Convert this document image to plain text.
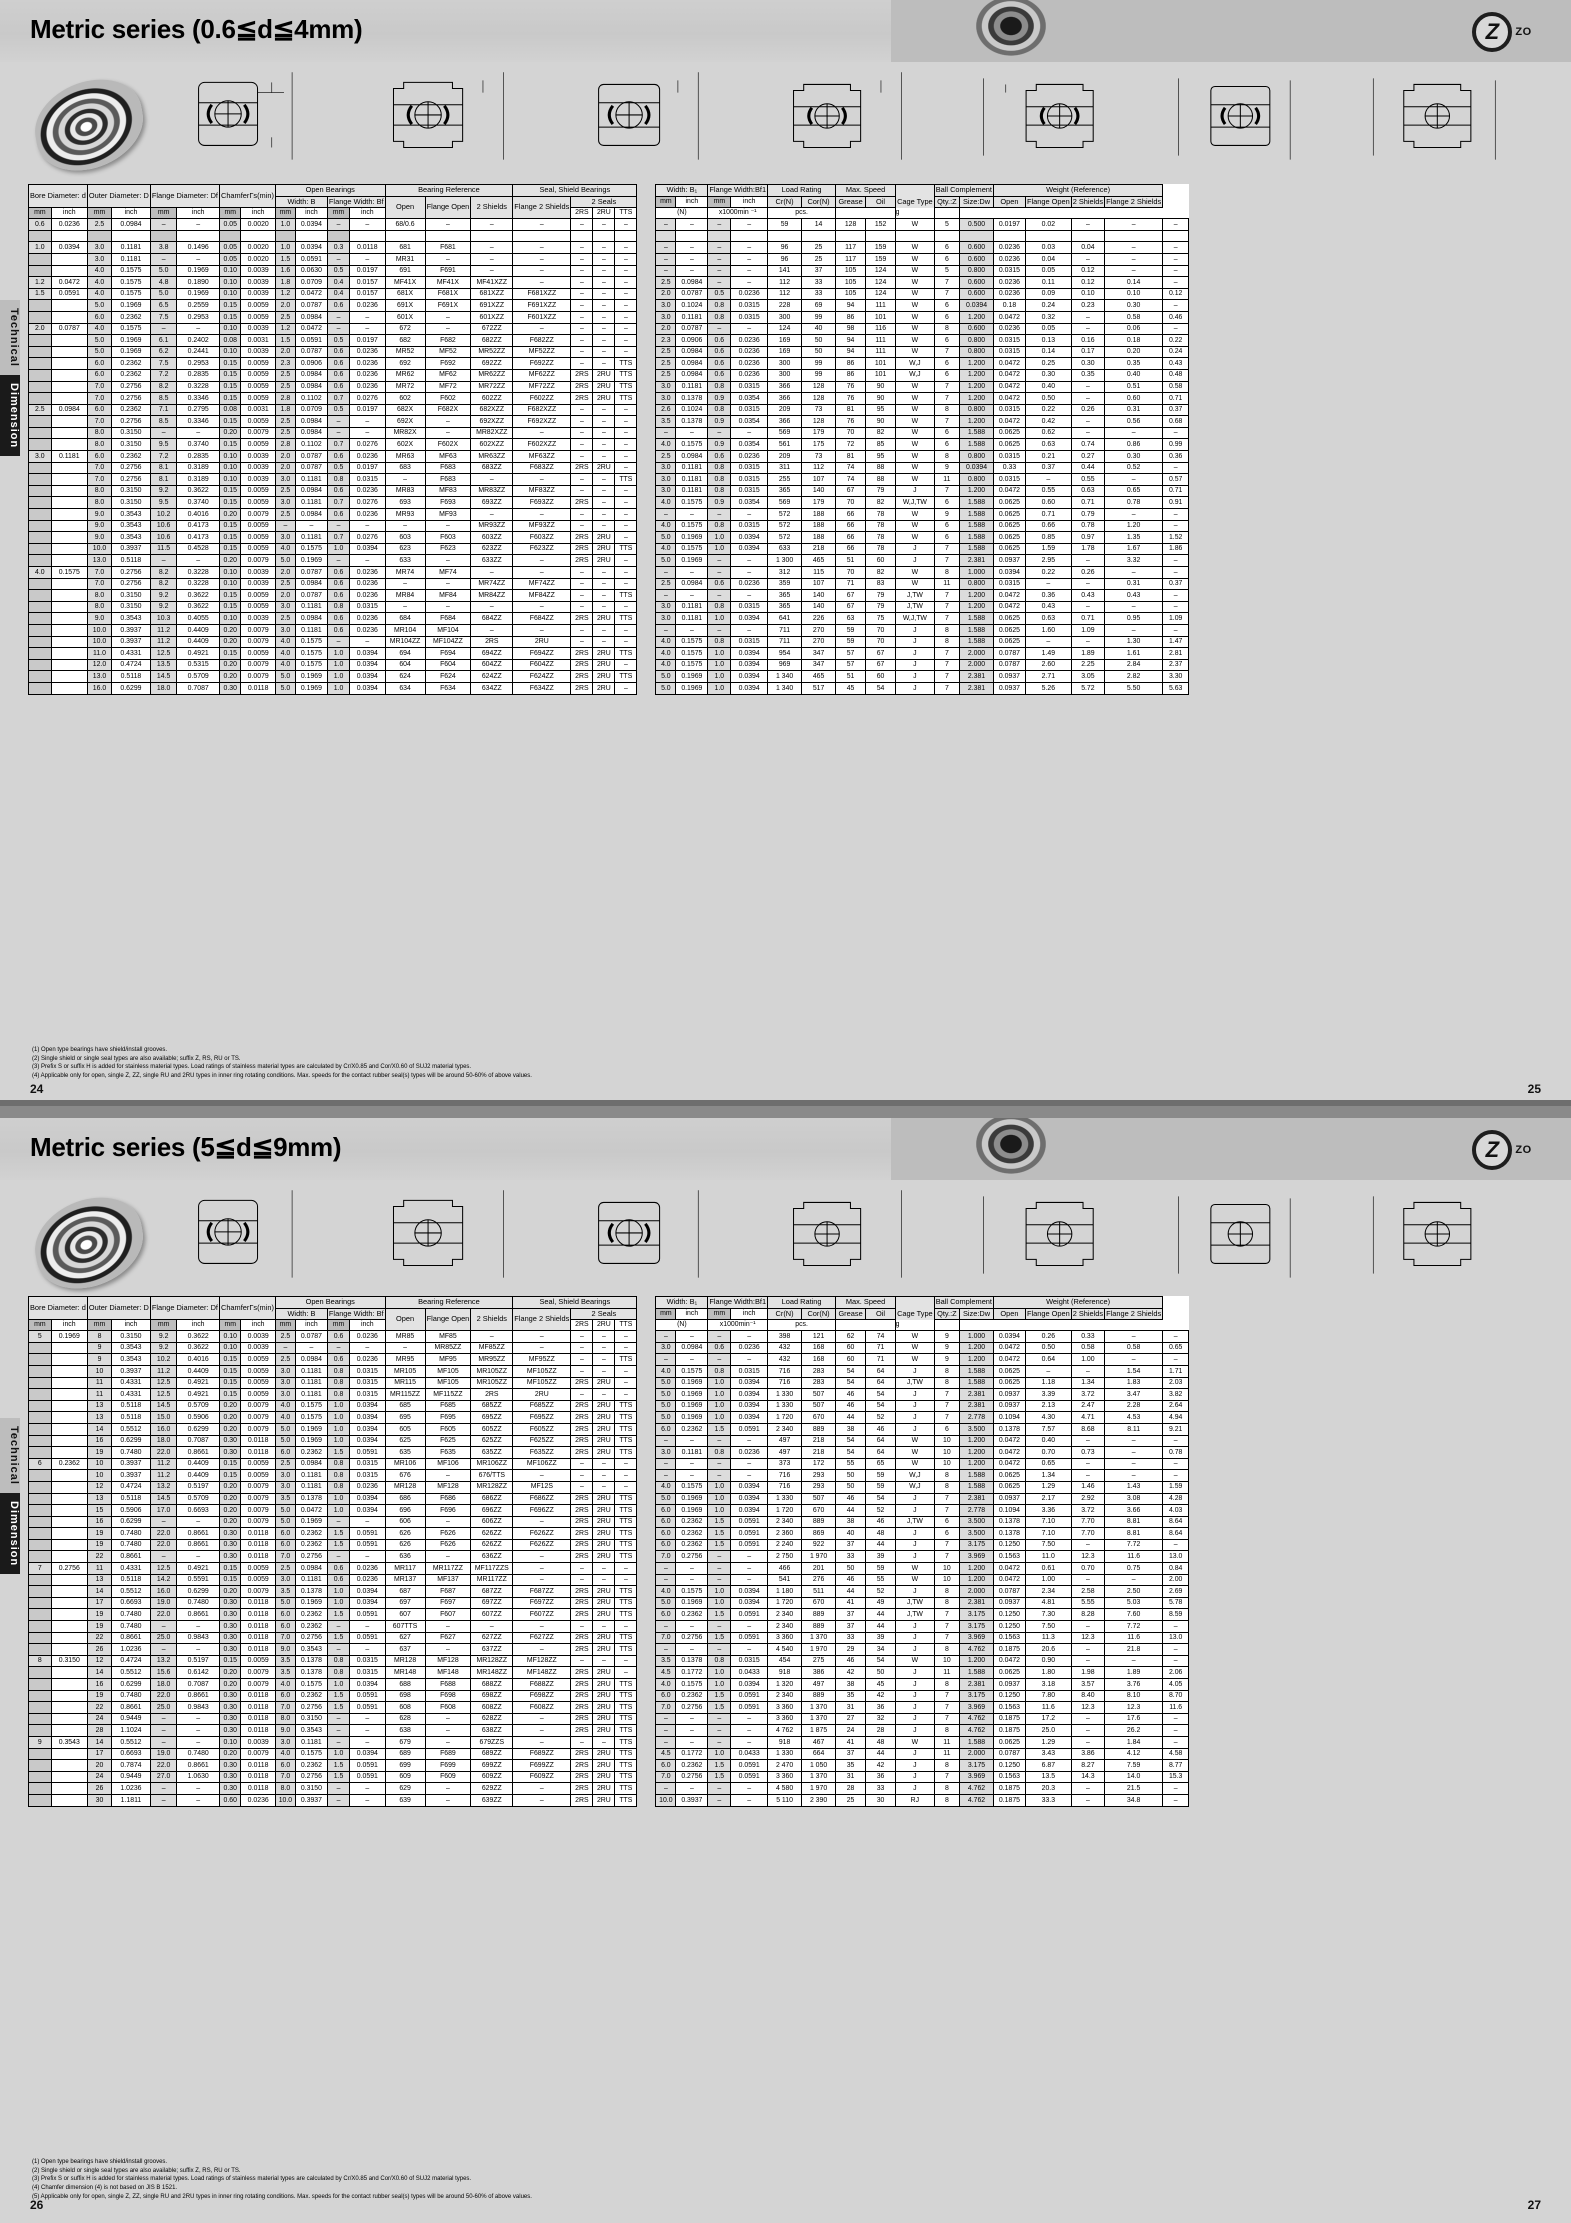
Z	ZO
Metric series (0.6≦d≦4mm)
Technical
Dimension
Bore Diameter: d		Outer Diameter: D		Flange Diameter: Df		ChamferΓs(min)		Open Bearings				Bearing Reference			Seal, Shield Bearings			
								Width: B		Flange Width: Bf		Open	Flange Open	2 Shields	Flange 2 Shields	2 Seals		
mm	inch	mm	inch	mm	inch	mm	inch	mm	inch	mm	inch					2RS	2RU	TTS
0.6	0.0236	2.5	0.0984	–	–	0.05	0.0020	1.0	0.0394	–	–	68/0.6	–	–	–	–	–	–

1.0	0.0394	3.0	0.1181	3.8	0.1496	0.05	0.0020	1.0	0.0394	0.3	0.0118	681	F681	–	–	–	–	–
		3.0	0.1181	–	–	0.05	0.0020	1.5	0.0591	–	–	MR31	–	–	–	–	–	–
		4.0	0.1575	5.0	0.1969	0.10	0.0039	1.6	0.0630	0.5	0.0197	691	F691	–	–	–	–	–
1.2	0.0472	4.0	0.1575	4.8	0.1890	0.10	0.0039	1.8	0.0709	0.4	0.0157	MF41X	MF41X	MF41XZZ	–	–	–	–
1.5	0.0591	4.0	0.1575	5.0	0.1969	0.10	0.0039	1.2	0.0472	0.4	0.0157	681X	F681X	681XZZ	F681XZZ	–	–	–
		5.0	0.1969	6.5	0.2559	0.15	0.0059	2.0	0.0787	0.6	0.0236	691X	F691X	691XZZ	F691XZZ	–	–	–
		6.0	0.2362	7.5	0.2953	0.15	0.0059	2.5	0.0984	–	–	601X	–	601XZZ	F601XZZ	–	–	–
2.0	0.0787	4.0	0.1575	–	–	0.10	0.0039	1.2	0.0472	–	–	672	–	672ZZ	–	–	–	–
		5.0	0.1969	6.1	0.2402	0.08	0.0031	1.5	0.0591	0.5	0.0197	682	F682	682ZZ	F682ZZ	–	–	–
		5.0	0.1969	6.2	0.2441	0.10	0.0039	2.0	0.0787	0.6	0.0236	MR52	MF52	MR52ZZ	MF52ZZ	–	–	–
		6.0	0.2362	7.5	0.2953	0.15	0.0059	2.3	0.0906	0.6	0.0236	692	F692	692ZZ	F692ZZ	–	–	TTS
		6.0	0.2362	7.2	0.2835	0.15	0.0059	2.5	0.0984	0.6	0.0236	MR62	MF62	MR62ZZ	MF62ZZ	2RS	2RU	TTS
		7.0	0.2756	8.2	0.3228	0.15	0.0059	2.5	0.0984	0.6	0.0236	MR72	MF72	MR72ZZ	MF72ZZ	2RS	2RU	TTS
		7.0	0.2756	8.5	0.3346	0.15	0.0059	2.8	0.1102	0.7	0.0276	602	F602	602ZZ	F602ZZ	2RS	2RU	TTS
2.5	0.0984	6.0	0.2362	7.1	0.2795	0.08	0.0031	1.8	0.0709	0.5	0.0197	682X	F682X	682XZZ	F682XZZ	–	–	–
		7.0	0.2756	8.5	0.3346	0.15	0.0059	2.5	0.0984	–	–	692X	–	692XZZ	F692XZZ	–	–	–
		8.0	0.3150	–	–	0.20	0.0079	2.5	0.0984	–	–	MR82X	–	MR82XZZ	–	–	–	–
		8.0	0.3150	9.5	0.3740	0.15	0.0059	2.8	0.1102	0.7	0.0276	602X	F602X	602XZZ	F602XZZ	–	–	–
3.0	0.1181	6.0	0.2362	7.2	0.2835	0.10	0.0039	2.0	0.0787	0.6	0.0236	MR63	MF63	MR63ZZ	MF63ZZ	–	–	–
		7.0	0.2756	8.1	0.3189	0.10	0.0039	2.0	0.0787	0.5	0.0197	683	F683	683ZZ	F683ZZ	2RS	2RU	–
		7.0	0.2756	8.1	0.3189	0.10	0.0039	3.0	0.1181	0.8	0.0315	–	F683	–	–	–	–	TTS
		8.0	0.3150	9.2	0.3622	0.15	0.0059	2.5	0.0984	0.6	0.0236	MR83	MF83	MR83ZZ	MF83ZZ	–	–	–
		8.0	0.3150	9.5	0.3740	0.15	0.0059	3.0	0.1181	0.7	0.0276	693	F693	693ZZ	F693ZZ	2RS	–	–
		9.0	0.3543	10.2	0.4016	0.20	0.0079	2.5	0.0984	0.6	0.0236	MR93	MF93	–	–	–	–	–
		9.0	0.3543	10.6	0.4173	0.15	0.0059	–	–	–	–	–	–	MR93ZZ	MF93ZZ	–	–	–
		9.0	0.3543	10.6	0.4173	0.15	0.0059	3.0	0.1181	0.7	0.0276	603	F603	603ZZ	F603ZZ	2RS	2RU	–
		10.0	0.3937	11.5	0.4528	0.15	0.0059	4.0	0.1575	1.0	0.0394	623	F623	623ZZ	F623ZZ	2RS	2RU	TTS
		13.0	0.5118	–	–	0.20	0.0079	5.0	0.1969	–	–	633	–	633ZZ	–	2RS	2RU	–
4.0	0.1575	7.0	0.2756	8.2	0.3228	0.10	0.0039	2.0	0.0787	0.6	0.0236	MR74	MF74	–	–	–	–	–
		7.0	0.2756	8.2	0.3228	0.10	0.0039	2.5	0.0984	0.6	0.0236	–	–	MR74ZZ	MF74ZZ	–	–	–
		8.0	0.3150	9.2	0.3622	0.15	0.0059	2.0	0.0787	0.6	0.0236	MR84	MF84	MR84ZZ	MF84ZZ	–	–	TTS
		8.0	0.3150	9.2	0.3622	0.15	0.0059	3.0	0.1181	0.8	0.0315	–	–	–	–	–	–	–
		9.0	0.3543	10.3	0.4055	0.10	0.0039	2.5	0.0984	0.6	0.0236	684	F684	684ZZ	F684ZZ	2RS	2RU	TTS
		10.0	0.3937	11.2	0.4409	0.20	0.0079	3.0	0.1181	0.6	0.0236	MR104	MF104	–	–	–	–	–
		10.0	0.3937	11.2	0.4409	0.20	0.0079	4.0	0.1575	–	–	MR104ZZ	MF104ZZ	2RS	2RU	–	–	–
		11.0	0.4331	12.5	0.4921	0.15	0.0059	4.0	0.1575	1.0	0.0394	694	F694	694ZZ	F694ZZ	2RS	2RU	TTS
		12.0	0.4724	13.5	0.5315	0.20	0.0079	4.0	0.1575	1.0	0.0394	604	F604	604ZZ	F604ZZ	2RS	2RU	–
		13.0	0.5118	14.5	0.5709	0.20	0.0079	5.0	0.1969	1.0	0.0394	624	F624	624ZZ	F624ZZ	2RS	2RU	TTS
		16.0	0.6299	18.0	0.7087	0.30	0.0118	5.0	0.1969	1.0	0.0394	634	F634	634ZZ	F634ZZ	2RS	2RU	–
Width: B₁		Flange Width:Bf1		Load Rating		Max. Speed		Cage Type	Ball Complement		Weight (Reference)				
mm	inch	mm	inch	Cr(N)	Cor(N)	Grease	Oil		Qty.:Z	Size:Dw	Open	Flange Open	2 Shields	Flange 2 Shields	
(N)		x1000min ⁻¹		pcs.		g									
–	–	–	–	59	14	128	152	W	5	0.500	0.0197	0.02	–	–	–

–	–	–	–	96	25	117	159	W	6	0.600	0.0236	0.03	0.04	–	–
–	–	–	–	96	25	117	159	W	6	0.600	0.0236	0.04	–	–	–
–	–	–	–	141	37	105	124	W	5	0.800	0.0315	0.05	0.12	–	–
2.5	0.0984	–	–	112	33	105	124	W	7	0.600	0.0236	0.11	0.12	0.14	–
2.0	0.0787	0.5	0.0236	112	33	105	124	W	7	0.600	0.0236	0.09	0.10	0.10	0.12
3.0	0.1024	0.8	0.0315	228	69	94	111	W	6	0.0394	0.18	0.24	0.23	0.30	–
3.0	0.1181	0.8	0.0315	300	99	86	101	W	6	1.200	0.0472	0.32	–	0.58	0.46
2.0	0.0787	–	–	124	40	98	116	W	8	0.600	0.0236	0.05	–	0.06	–
2.3	0.0906	0.6	0.0236	169	50	94	111	W	6	0.800	0.0315	0.13	0.16	0.18	0.22
2.5	0.0984	0.6	0.0236	169	50	94	111	W	7	0.800	0.0315	0.14	0.17	0.20	0.24
2.5	0.0984	0.6	0.0236	300	99	86	101	W,J	6	1.200	0.0472	0.25	0.30	0.35	0.43
2.5	0.0984	0.6	0.0236	300	99	86	101	W,J	6	1.200	0.0472	0.30	0.35	0.40	0.48
3.0	0.1181	0.8	0.0315	366	128	76	90	W	7	1.200	0.0472	0.40	–	0.51	0.58
3.0	0.1378	0.9	0.0354	366	128	76	90	W	7	1.200	0.0472	0.50	–	0.60	0.71
2.6	0.1024	0.8	0.0315	209	73	81	95	W	8	0.800	0.0315	0.22	0.26	0.31	0.37
3.5	0.1378	0.9	0.0354	366	128	76	90	W	7	1.200	0.0472	0.42	–	0.56	0.68
–	–	–	–	569	179	70	82	W	6	1.588	0.0625	0.62	–	–	–
4.0	0.1575	0.9	0.0354	561	175	72	85	W	6	1.588	0.0625	0.63	0.74	0.86	0.99
2.5	0.0984	0.6	0.0236	209	73	81	95	W	8	0.800	0.0315	0.21	0.27	0.30	0.36
3.0	0.1181	0.8	0.0315	311	112	74	88	W	9	0.0394	0.33	0.37	0.44	0.52	–
3.0	0.1181	0.8	0.0315	255	107	74	88	W	11	0.800	0.0315	–	0.55	–	0.57
3.0	0.1181	0.8	0.0315	365	140	67	79	J	7	1.200	0.0472	0.55	0.63	0.65	0.71
4.0	0.1575	0.9	0.0354	569	179	70	82	W,J,TW	6	1.588	0.0625	0.60	0.71	0.78	0.91
–	–	–	–	572	188	66	78	W	9	1.588	0.0625	0.71	0.79	–	–
4.0	0.1575	0.8	0.0315	572	188	66	78	W	6	1.588	0.0625	0.66	0.78	1.20	–
5.0	0.1969	1.0	0.0394	572	188	66	78	W	6	1.588	0.0625	0.85	0.97	1.35	1.52
4.0	0.1575	1.0	0.0394	633	218	66	78	J	7	1.588	0.0625	1.59	1.78	1.67	1.86
5.0	0.1969	–	–	1 300	465	51	60	J	7	2.381	0.0937	2.95	–	3.32	–
–	–	–	–	312	115	70	82	W	8	1.000	0.0394	0.22	0.26	–	–
2.5	0.0984	0.6	0.0236	359	107	71	83	W	11	0.800	0.0315	–	–	0.31	0.37
–	–	–	–	365	140	67	79	J,TW	7	1.200	0.0472	0.36	0.43	0.43	–
3.0	0.1181	0.8	0.0315	365	140	67	79	J,TW	7	1.200	0.0472	0.43	–	–	–
3.0	0.1181	1.0	0.0394	641	226	63	75	W,J,TW	7	1.588	0.0625	0.63	0.71	0.95	1.09
–	–	–	–	711	270	59	70	J	8	1.588	0.0625	1.60	1.09	–	–
4.0	0.1575	0.8	0.0315	711	270	59	70	J	8	1.588	0.0625	–	–	1.30	1.47
4.0	0.1575	1.0	0.0394	954	347	57	67	J	7	2.000	0.0787	1.49	1.89	1.61	2.81
4.0	0.1575	1.0	0.0394	969	347	57	67	J	7	2.000	0.0787	2.60	2.25	2.84	2.37
5.0	0.1969	1.0	0.0394	1 340	465	51	60	J	7	2.381	0.0937	2.71	3.05	2.82	3.30
5.0	0.1969	1.0	0.0394	1 340	517	45	54	J	7	2.381	0.0937	5.26	5.72	5.50	5.63
(1) Open type bearings have shield/install grooves.
(2) Single shield or single seal types are also available; suffix Z, RS, RU or TS.
(3) Prefix S or suffix H is added for stainless material types. Load ratings of stainless material types are calculated by Cr/X0.85 and Cor/X0.60 of SUJ2 material types.
(4) Applicable only for open, single Z, ZZ, single RU and 2RU types in inner ring rotating conditions. Max. speeds for the contact rubber seal(s) types will be around 50-60% of above values.
24	25
Z	ZO
Metric series (5≦d≦9mm)
Technical
Dimension
Bore Diameter: d		Outer Diameter: D		Flange Diameter: Df		ChamferΓs(min)		Open Bearings				Bearing Reference			Seal, Shield Bearings			
								Width: B		Flange Width: Bf		Open	Flange Open	2 Shields	Flange 2 Shields	2 Seals		
mm	inch	mm	inch	mm	inch	mm	inch	mm	inch	mm	inch					2RS	2RU	TTS
5	0.1969	8	0.3150	9.2	0.3622	0.10	0.0039	2.5	0.0787	0.6	0.0236	MR85	MF85	–	–	–	–	–
		9	0.3543	9.2	0.3622	0.10	0.0039	–	–	–	–	–	MR85ZZ	MF85ZZ	–	–	–	–
		9	0.3543	10.2	0.4016	0.15	0.0059	2.5	0.0984	0.6	0.0236	MR95	MF95	MR95ZZ	MF95ZZ	–	–	TTS
		10	0.3937	11.2	0.4409	0.15	0.0059	3.0	0.1181	0.8	0.0315	MR105	MF105	MR105ZZ	MF105ZZ	–	–	–
		11	0.4331	12.5	0.4921	0.15	0.0059	3.0	0.1181	0.8	0.0315	MR115	MF105	MR105ZZ	MF105ZZ	2RS	2RU	–
		11	0.4331	12.5	0.4921	0.15	0.0059	3.0	0.1181	0.8	0.0315	MR115ZZ	MF115ZZ	2RS	2RU	–	–	–
		13	0.5118	14.5	0.5709	0.20	0.0079	4.0	0.1575	1.0	0.0394	685	F685	685ZZ	F685ZZ	2RS	2RU	TTS
		13	0.5118	15.0	0.5906	0.20	0.0079	4.0	0.1575	1.0	0.0394	695	F695	695ZZ	F695ZZ	2RS	2RU	TTS
		14	0.5512	16.0	0.6299	0.20	0.0079	5.0	0.1969	1.0	0.0394	605	F605	605ZZ	F605ZZ	2RS	2RU	TTS
		16	0.6299	18.0	0.7087	0.30	0.0118	5.0	0.1969	1.0	0.0394	625	F625	625ZZ	F625ZZ	2RS	2RU	TTS
		19	0.7480	22.0	0.8661	0.30	0.0118	6.0	0.2362	1.5	0.0591	635	F635	635ZZ	F635ZZ	2RS	2RU	TTS
6	0.2362	10	0.3937	11.2	0.4409	0.15	0.0059	2.5	0.0984	0.8	0.0315	MR106	MF106	MR106ZZ	MF106ZZ	–	–	–
		10	0.3937	11.2	0.4409	0.15	0.0059	3.0	0.1181	0.8	0.0315	676	–	676/TTS	–	–	–	–
		12	0.4724	13.2	0.5197	0.20	0.0079	3.0	0.1181	0.8	0.0236	MR128	MF128	MR128ZZ	MF12S	–	–	–
		13	0.5118	14.5	0.5709	0.20	0.0079	3.5	0.1378	1.0	0.0394	686	F686	686ZZ	F686ZZ	2RS	2RU	TTS
		15	0.5906	17.0	0.6693	0.20	0.0079	5.0	0.0472	1.0	0.0394	696	F696	696ZZ	F696ZZ	2RS	2RU	TTS
		16	0.6299	–	–	0.20	0.0079	5.0	0.1969	–	–	606	–	606ZZ	–	2RS	2RU	TTS
		19	0.7480	22.0	0.8661	0.30	0.0118	6.0	0.2362	1.5	0.0591	626	F626	626ZZ	F626ZZ	2RS	2RU	TTS
		19	0.7480	22.0	0.8661	0.30	0.0118	6.0	0.2362	1.5	0.0591	626	F626	626ZZ	F626ZZ	2RS	2RU	TTS
		22	0.8661	–	–	0.30	0.0118	7.0	0.2756	–	–	636	–	636ZZ	–	2RS	2RU	TTS
7	0.2756	11	0.4331	12.5	0.4921	0.15	0.0059	2.5	0.0984	0.6	0.0236	MR117	MR117ZZ	MF117ZZS	–	–	–	–
		13	0.5118	14.2	0.5591	0.15	0.0059	3.0	0.1181	0.6	0.0236	MR137	MF137	MR117ZZ	–	–	–	–
		14	0.5512	16.0	0.6299	0.20	0.0079	3.5	0.1378	1.0	0.0394	687	F687	687ZZ	F687ZZ	2RS	2RU	TTS
		17	0.6693	19.0	0.7480	0.30	0.0118	5.0	0.1969	1.0	0.0394	697	F697	697ZZ	F697ZZ	2RS	2RU	TTS
		19	0.7480	22.0	0.8661	0.30	0.0118	6.0	0.2362	1.5	0.0591	607	F607	607ZZ	F607ZZ	2RS	2RU	TTS
		19	0.7480	–	–	0.30	0.0118	6.0	0.2362	–	–	607TTS	–	–	–	–	–	–
		22	0.8661	25.0	0.9843	0.30	0.0118	7.0	0.2756	1.5	0.0591	627	F627	627ZZ	F627ZZ	2RS	2RU	TTS
		26	1.0236	–	–	0.30	0.0118	9.0	0.3543	–	–	637	–	637ZZ	–	2RS	2RU	TTS
8	0.3150	12	0.4724	13.2	0.5197	0.15	0.0059	3.5	0.1378	0.8	0.0315	MR128	MF128	MR128ZZ	MF128ZZ	–	–	–
		14	0.5512	15.6	0.6142	0.20	0.0079	3.5	0.1378	0.8	0.0315	MR148	MF148	MR148ZZ	MF148ZZ	2RS	2RU	–
		16	0.6299	18.0	0.7087	0.20	0.0079	4.0	0.1575	1.0	0.0394	688	F688	688ZZ	F688ZZ	2RS	2RU	TTS
		19	0.7480	22.0	0.8661	0.30	0.0118	6.0	0.2362	1.5	0.0591	698	F698	698ZZ	F698ZZ	2RS	2RU	TTS
		22	0.8661	25.0	0.9843	0.30	0.0118	7.0	0.2756	1.5	0.0591	608	F608	608ZZ	F608ZZ	2RS	2RU	TTS
		24	0.9449	–	–	0.30	0.0118	8.0	0.3150	–	–	628	–	628ZZ	–	2RS	2RU	TTS
		28	1.1024	–	–	0.30	0.0118	9.0	0.3543	–	–	638	–	638ZZ	–	2RS	2RU	TTS
9	0.3543	14	0.5512	–	–	0.10	0.0039	3.0	0.1181	–	–	679	–	679ZZS	–	–	–	TTS
		17	0.6693	19.0	0.7480	0.20	0.0079	4.0	0.1575	1.0	0.0394	689	F689	689ZZ	F689ZZ	2RS	2RU	TTS
		20	0.7874	22.0	0.8661	0.30	0.0118	6.0	0.2362	1.5	0.0591	699	F699	699ZZ	F699ZZ	2RS	2RU	TTS
		24	0.9449	27.0	1.0630	0.30	0.0118	7.0	0.2756	1.5	0.0591	609	F609	609ZZ	F609ZZ	2RS	2RU	TTS
		26	1.0236	–	–	0.30	0.0118	8.0	0.3150	–	–	629	–	629ZZ	–	2RS	2RU	TTS
		30	1.1811	–	–	0.60	0.0236	10.0	0.3937	–	–	639	–	639ZZ	–	2RS	2RU	TTS
Width: B₁		Flange Width:Bf1		Load Rating		Max. Speed		Cage Type	Ball Complement		Weight (Reference)				
mm	inch	mm	inch	Cr(N)	Cor(N)	Grease	Oil		Qty.:Z	Size:Dw	Open	Flange Open	2 Shields	Flange 2 Shields	
(N)		x1000min⁻¹		pcs.		g									
–	–	–	–	398	121	62	74	W	9	1.000	0.0394	0.26	0.33	–	–
3.0	0.0984	0.6	0.0236	432	168	60	71	W	9	1.200	0.0472	0.50	0.58	0.58	0.65
–	–	–	–	432	168	60	71	W	9	1.200	0.0472	0.64	1.00	–	–
4.0	0.1575	0.8	0.0315	716	283	54	64	J	8	1.588	0.0625	–	–	1.54	1.71
5.0	0.1969	1.0	0.0394	716	283	54	64	J,TW	8	1.588	0.0625	1.18	1.34	1.83	2.03
5.0	0.1969	1.0	0.0394	1 330	507	46	54	J	7	2.381	0.0937	3.39	3.72	3.47	3.82
5.0	0.1969	1.0	0.0394	1 330	507	46	54	J	7	2.381	0.0937	2.13	2.47	2.28	2.64
5.0	0.1969	1.0	0.0394	1 720	670	44	52	J	7	2.778	0.1094	4.30	4.71	4.53	4.94
6.0	0.2362	1.5	0.0591	2 340	889	38	46	J	6	3.500	0.1378	7.57	8.68	8.11	9.21
–	–	–	–	497	218	54	64	W	10	1.200	0.0472	0.40	–	–	–
3.0	0.1181	0.8	0.0236	497	218	54	64	W	10	1.200	0.0472	0.70	0.73	–	0.78
–	–	–	–	373	172	55	65	W	10	1.200	0.0472	0.65	–	–	–
–	–	–	–	716	293	50	59	W,J	8	1.588	0.0625	1.34	–	–	–
4.0	0.1575	1.0	0.0394	716	293	50	59	W,J	8	1.588	0.0625	1.29	1.46	1.43	1.59
5.0	0.1969	1.0	0.0394	1 330	507	46	54	J	7	2.381	0.0937	2.17	2.92	3.08	4.28
6.0	0.1969	1.0	0.0394	1 720	670	44	52	J	7	2.778	0.1094	3.36	3.72	3.66	4.03
6.0	0.2362	1.5	0.0591	2 340	889	38	46	J,TW	6	3.500	0.1378	7.10	7.70	8.81	8.64
6.0	0.2362	1.5	0.0591	2 360	869	40	48	J	6	3.500	0.1378	7.10	7.70	8.81	8.64
6.0	0.2362	1.5	0.0591	2 240	922	37	44	J	7	3.175	0.1250	7.50	–	7.72	–
7.0	0.2756	–	–	2 750	1 970	33	39	J	7	3.969	0.1563	11.0	12.3	11.6	13.0
–	–	–	–	466	201	50	59	W	10	1.200	0.0472	0.61	0.70	0.75	0.84
–	–	–	–	541	276	46	55	W	10	1.200	0.0472	1.00	–	–	2.00
4.0	0.1575	1.0	0.0394	1 180	511	44	52	J	8	2.000	0.0787	2.34	2.58	2.50	2.69
5.0	0.1969	1.0	0.0394	1 720	670	41	49	J,TW	8	2.381	0.0937	4.81	5.55	5.03	5.78
6.0	0.2362	1.5	0.0591	2 340	889	37	44	J,TW	7	3.175	0.1250	7.30	8.28	7.60	8.59
–	–	–	–	2 340	889	37	44	J	7	3.175	0.1250	7.50	–	7.72	–
7.0	0.2756	1.5	0.0591	3 360	1 370	33	39	J	7	3.969	0.1563	11.3	12.3	11.6	13.0
–	–	–	–	4 540	1 970	29	34	J	8	4.762	0.1875	20.6	–	21.8	–
3.5	0.1378	0.8	0.0315	454	275	46	54	W	10	1.200	0.0472	0.90	–	–	–
4.5	0.1772	1.0	0.0433	918	386	42	50	J	11	1.588	0.0625	1.80	1.98	1.89	2.06
4.0	0.1575	1.0	0.0394	1 320	497	38	45	J	8	2.381	0.0937	3.18	3.57	3.76	4.05
6.0	0.2362	1.5	0.0591	2 340	889	35	42	J	7	3.175	0.1250	7.80	8.40	8.10	8.70
7.0	0.2756	1.5	0.0591	3 360	1 370	31	36	J	7	3.969	0.1563	11.6	12.3	12.3	11.6
–	–	–	–	3 360	1 370	27	32	J	7	4.762	0.1875	17.2	–	17.6	–
–	–	–	–	4 762	1 875	24	28	J	8	4.762	0.1875	25.0	–	26.2	–
–	–	–	–	918	467	41	48	W	11	1.588	0.0625	1.29	–	1.84	–
4.5	0.1772	1.0	0.0433	1 330	664	37	44	J	11	2.000	0.0787	3.43	3.86	4.12	4.58
6.0	0.2362	1.5	0.0591	2 470	1 050	35	42	J	8	3.175	0.1250	6.87	8.27	7.59	8.77
7.0	0.2756	1.5	0.0591	3 360	1 370	31	36	J	7	3.969	0.1563	13.5	14.3	14.0	15.3
–	–	–	–	4 580	1 970	28	33	J	8	4.762	0.1875	20.3	–	21.5	–
10.0	0.3937	–	–	5 110	2 390	25	30	RJ	8	4.762	0.1875	33.3	–	34.8	–
(1) Open type bearings have shield/install grooves.
(2) Single shield or single seal types are also available; suffix Z, RS, RU or TS.
(3) Prefix S or suffix H is added for stainless material types. Load ratings of stainless material types are calculated by Cr/X0.85 and Cor/X0.60 of SUJ2 material types.
(4) Chamfer dimension (4) is not based on JIS B 1521.
(5) Applicable only for open, single Z, ZZ, single RU and 2RU types in inner ring rotating conditions. Max. speeds for the contact rubber seal(s) types will be around 50-60% of above values.
26	27
